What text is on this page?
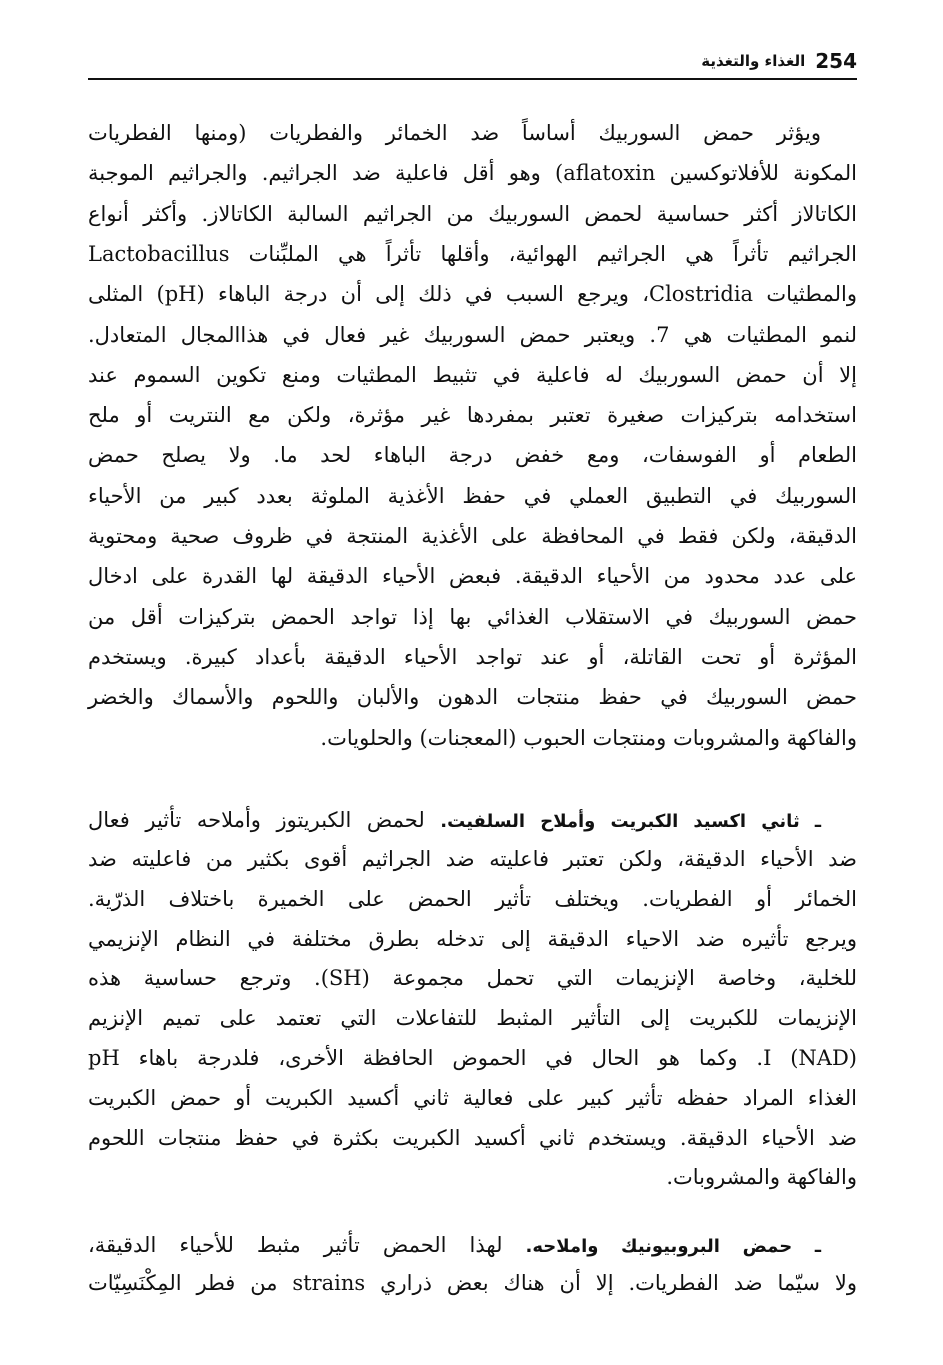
254
الغذاء والتغذية
ويؤثر حمض السوربيك أساساً ضد الخمائر والفطريات (ومنها الفطريات
المكونة للأفلاتوكسين aflatoxin) وهو أقل فاعلية ضد الجراثيم. والجراثيم الموجبة
الكاتالاز أكثر حساسية لحمض السوربيك من الجراثيم السالبة الكاتالاز. وأكثر أنواع
الجراثيم تأثراً هي الجراثيم الهوائية، وأقلها تأثراً هي الملبِّنات Lactobacillus
والمطثيات Clostridia، ويرجع السبب في ذلك إلى أن درجة الباهاء (pH) المثلى
لنمو المطثيات هي 7. ويعتبر حمض السوربيك غير فعال في هذاالمجال المتعادل.
إلا أن حمض السوربيك له فاعلية في تثبيط المطثيات ومنع تكوين السموم عند
استخدامه بتركيزات صغيرة تعتبر بمفردها غير مؤثرة، ولكن مع النتريت أو ملح
الطعام أو الفوسفات، ومع خفض درجة الباهاء لحد ما. ولا يصلح حمض
السوربيك في التطبيق العملي في حفظ الأغذية الملوثة بعدد كبير من الأحياء
الدقيقة، ولكن فقط في المحافظة على الأغذية المنتجة في ظروف صحية ومحتوية
على عدد محدود من الأحياء الدقيقة. فبعض الأحياء الدقيقة لها القدرة على ادخال
حمض السوربيك في الاستقلاب الغذائي بها إذا تواجد الحمض بتركيزات أقل من
المؤثرة أو تحت القاتلة، أو عند تواجد الأحياء الدقيقة بأعداد كبيرة. ويستخدم
حمض السوربيك في حفظ منتجات الدهون والألبان واللحوم والأسماك والخضر
والفاكهة والمشروبات ومنتجات الحبوب (المعجنات) والحلويات.
ـ ثاني اكسيد الكبريت وأملاح السلفيت. لحمض الكبريتوز وأملاحه تأثير فعال
ضد الأحياء الدقيقة، ولكن تعتبر فاعليته ضد الجراثيم أقوى بكثير من فاعليته ضد
الخمائر أو الفطريات. ويختلف تأثير الحمض على الخميرة باختلاف الذرّية.
ويرجع تأثيره ضد الاحياء الدقيقة إلى تدخله بطرق مختلفة في النظام الإنزيمي
للخلية، وخاصة الإنزيمات التي تحمل مجموعة (SH). وترجع حساسية هذه
الإنزيمات للكبريت إلى التأثير المثبط للتفاعلات التي تعتمد على تميم الإنزيم
I (NAD). وكما هو الحال في الحموض الحافظة الأخرى، فلدرجة باهاء pH
الغذاء المراد حفظه تأثير كبير على فعالية ثاني أكسيد الكبريت أو حمض الكبريت
ضد الأحياء الدقيقة. ويستخدم ثاني أكسيد الكبريت بكثرة في حفظ منتجات اللحوم
والفاكهة والمشروبات.
ـ حمض البروبيونيك واملاحه. لهذا الحمض تأثير مثبط للأحياء الدقيقة،
ولا سيّما ضد الفطريات. إلا أن هناك بعض ذراري strains من فطر المِكْنَسِيّات
